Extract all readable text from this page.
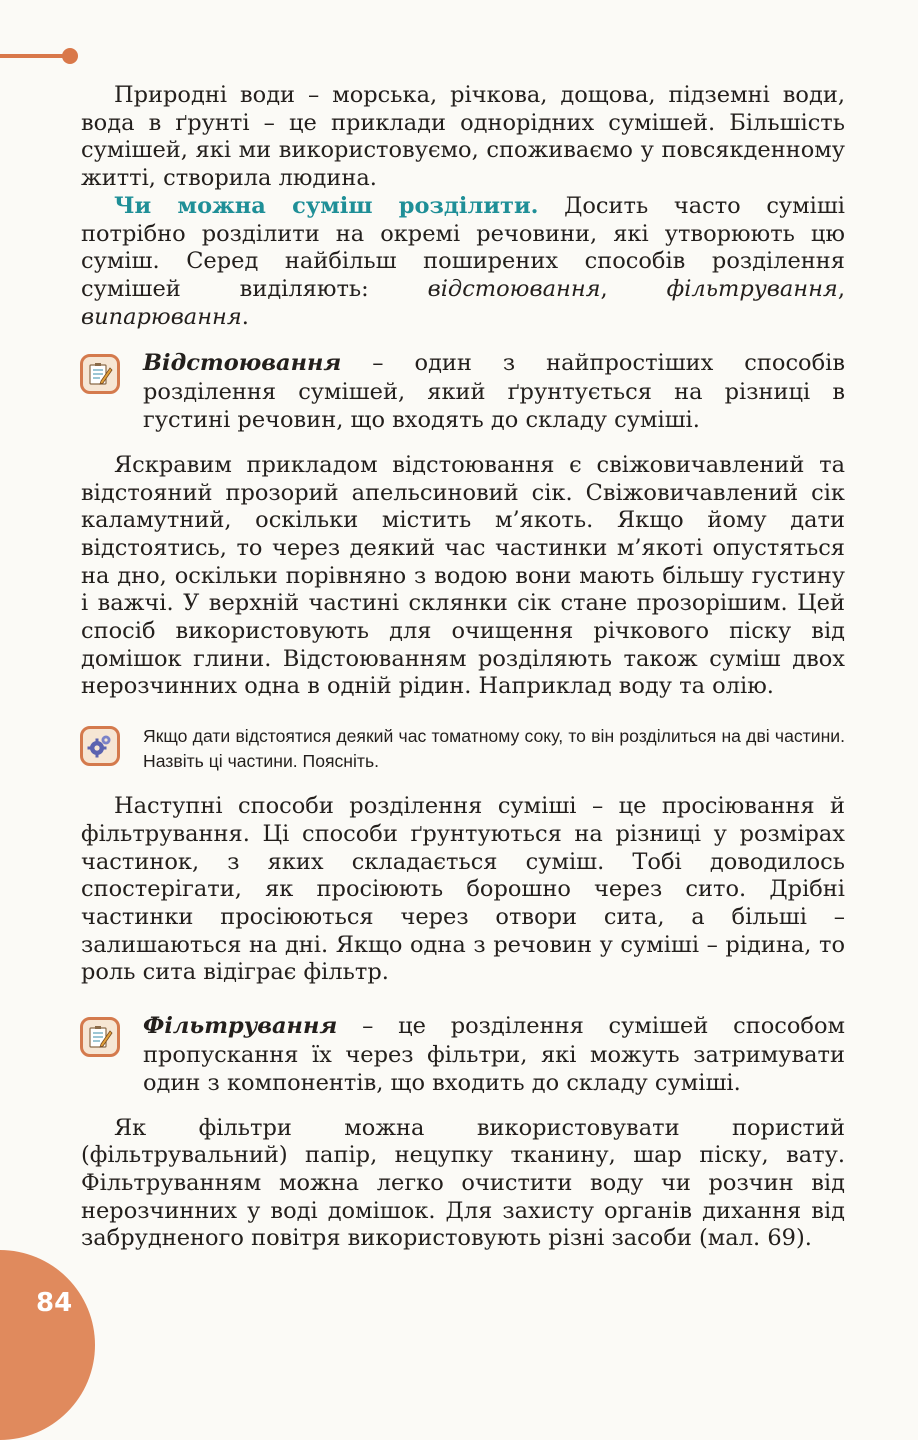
Природні води – морська, річкова, дощова, підземні води, вода в ґрунті – це приклади однорідних сумішей. Більшість сумішей, які ми використовуємо, споживаємо у повсякденному житті, створила людина.

Чи можна суміш розділити. Досить часто суміші потрібно розділити на окремі речовини, які утворюють цю суміш. Серед найбільш поширених способів розділення сумішей виділяють: відстоювання, фільтрування, випарювання.

Відстоювання – один з найпростіших способів розділення сумішей, який ґрунтується на різниці в густині речовин, що входять до складу суміші.

Яскравим прикладом відстоювання є свіжовичавлений та відстояний прозорий апельсиновий сік. Свіжовичавлений сік каламутний, оскільки містить м’якоть. Якщо йому дати відстоятись, то через деякий час частинки м’якоті опустяться на дно, оскільки порівняно з водою вони мають більшу густину і важчі. У верхній частині склянки сік стане прозорішим. Цей спосіб використовують для очищення річкового піску від домішок глини. Відстоюванням розділяють також суміш двох нерозчинних одна в одній рідин. Наприклад воду та олію.

Якщо дати відстоятися деякий час томатному соку, то він розділиться на дві частини. Назвіть ці частини. Поясніть.

Наступні способи розділення суміші – це просіювання й фільтрування. Ці способи ґрунтуються на різниці у розмірах частинок, з яких складається суміш. Тобі доводилось спостерігати, як просіюють борошно через сито. Дрібні частинки просіюються через отвори сита, а більші – залишаються на дні. Якщо одна з речовин у суміші – рідина, то роль сита відіграє фільтр.

Фільтрування – це розділення сумішей способом пропускання їх через фільтри, які можуть затримувати один з компонентів, що входить до складу суміші.

Як фільтри можна використовувати пористий (фільтрувальний) папір, нецупку тканину, шар піску, вату. Фільтруванням можна легко очистити воду чи розчин від нерозчинних у воді домішок. Для захисту органів дихання від забрудненого повітря використовують різні засоби (мал. 69).

84
